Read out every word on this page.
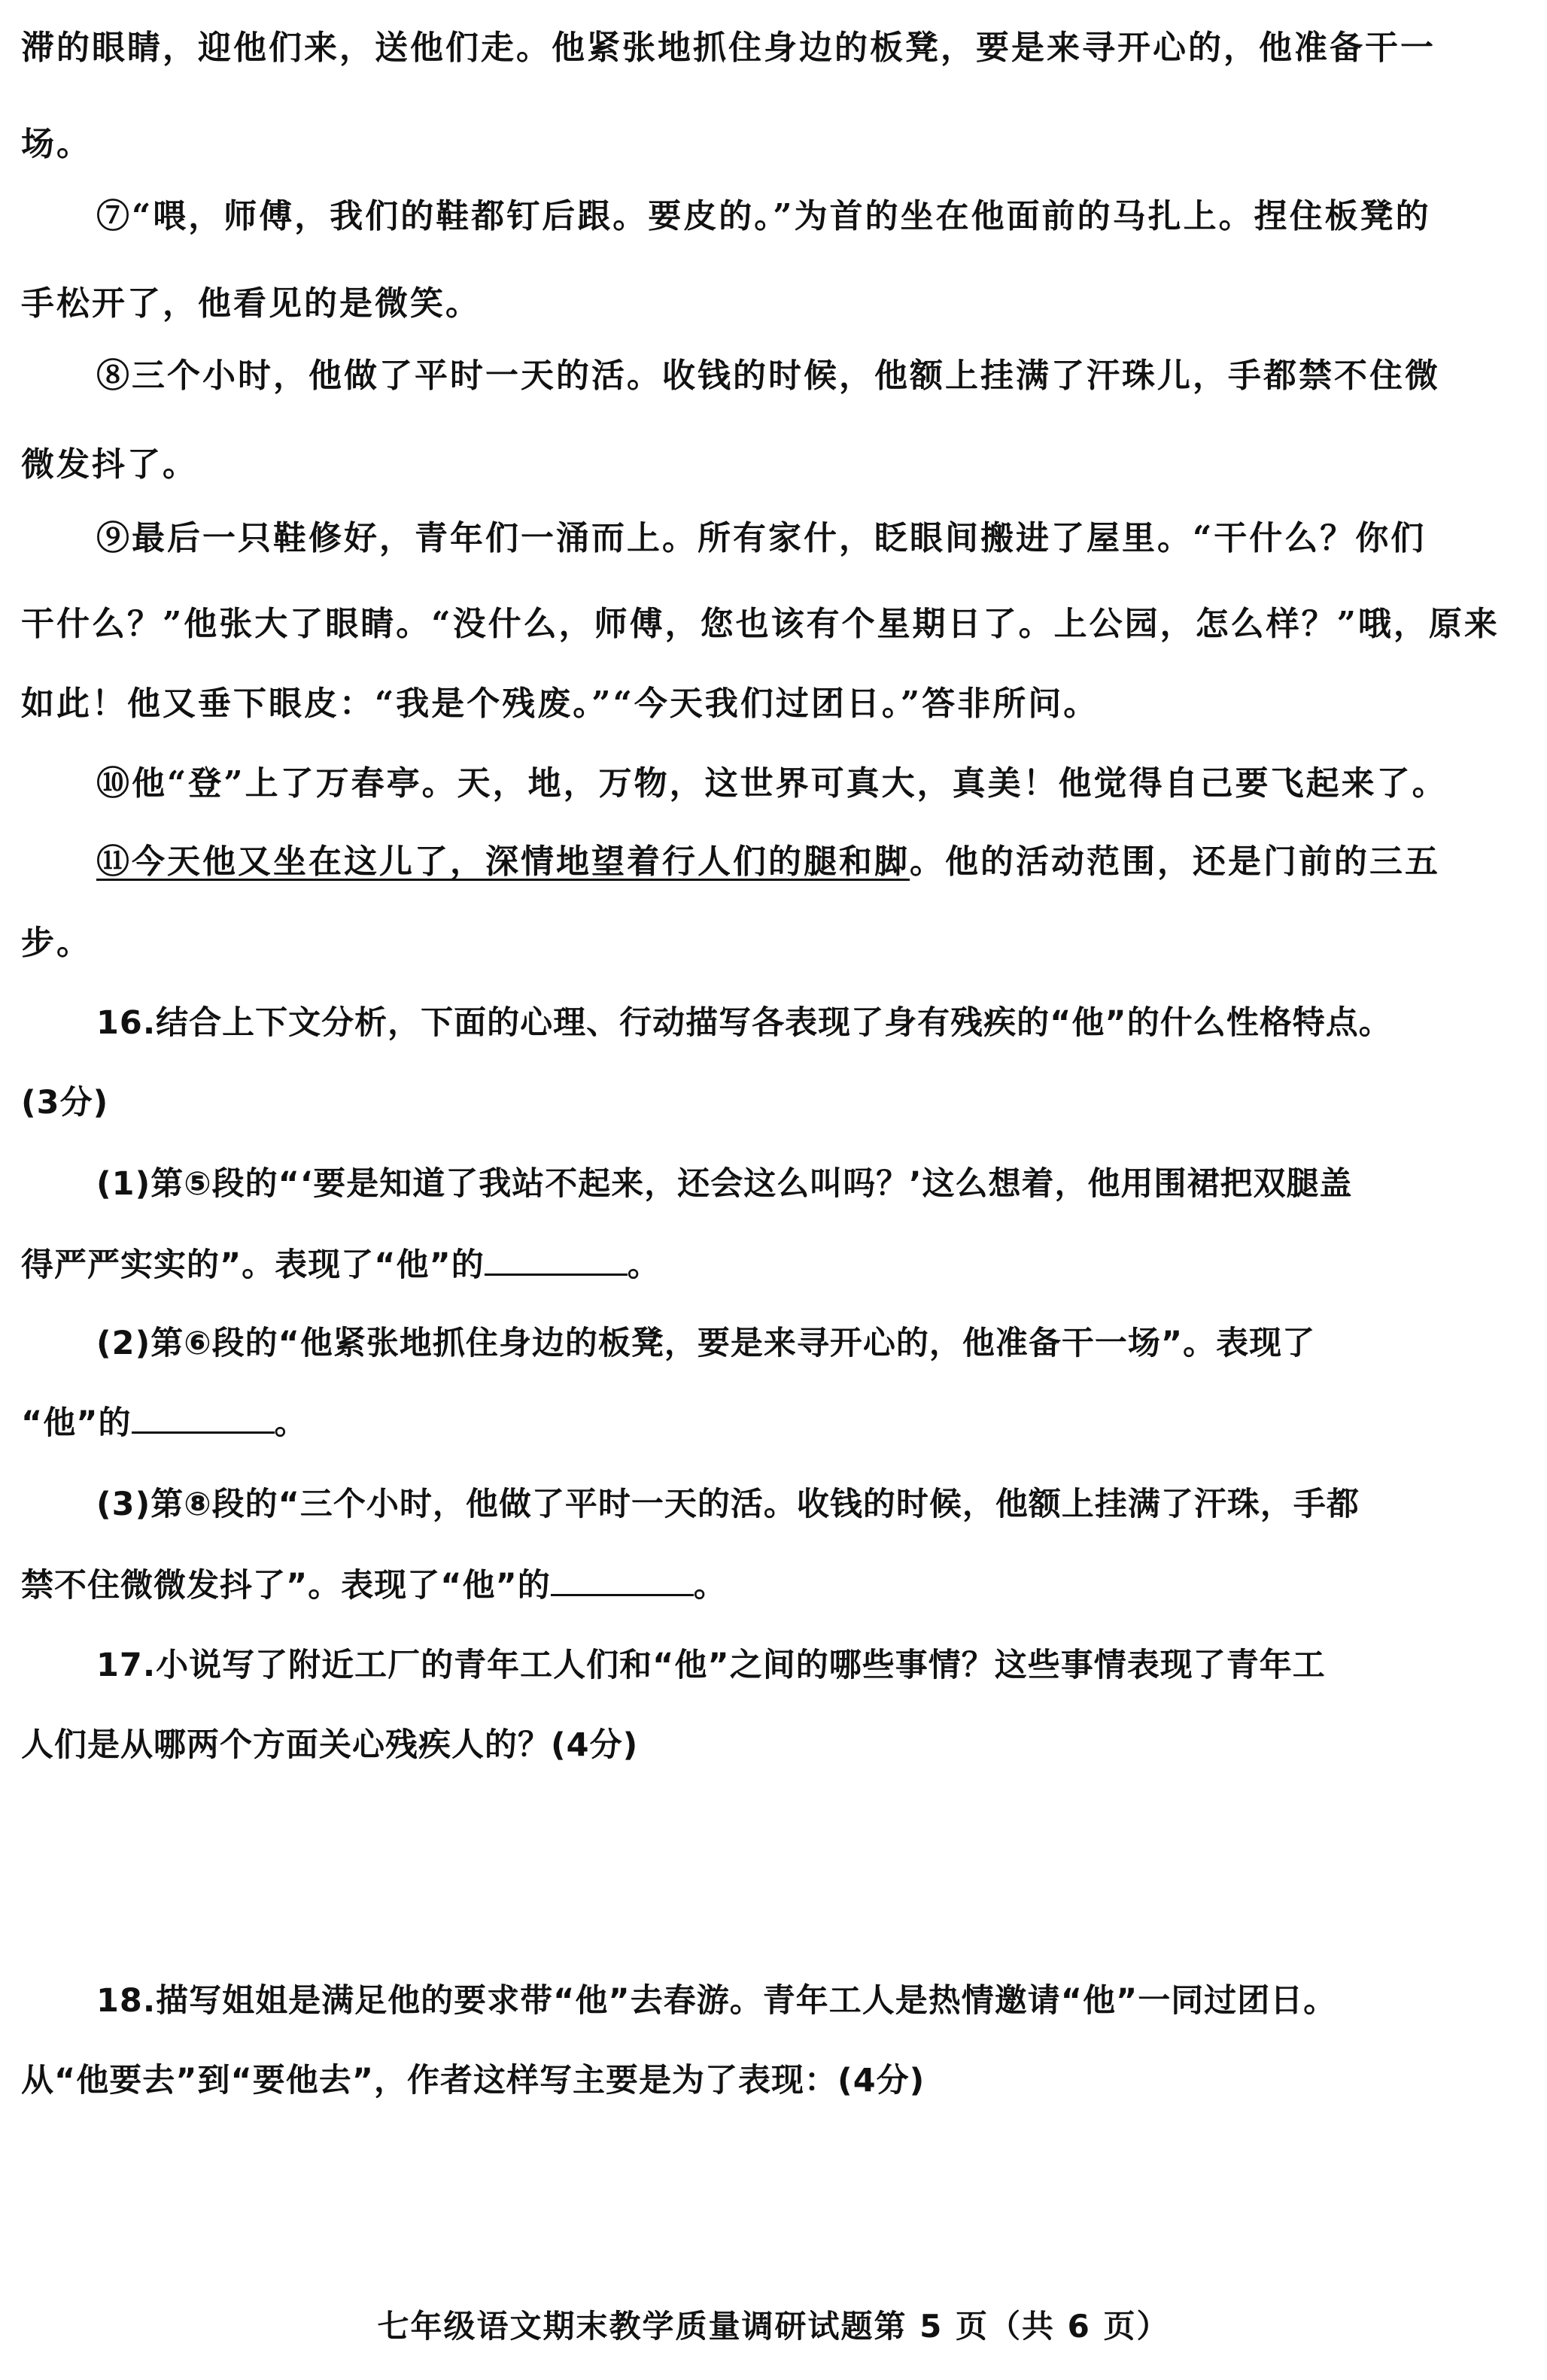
滞的眼睛，迎他们来，送他们走。他紧张地抓住身边的板凳，要是来寻开心的，他准备干一
场。
⑦“喂，师傅，我们的鞋都钉后跟。要皮的。”为首的坐在他面前的马扎上。捏住板凳的
手松开了，他看见的是微笑。
⑧三个小时，他做了平时一天的活。收钱的时候，他额上挂满了汗珠儿，手都禁不住微
微发抖了。
⑨最后一只鞋修好，青年们一涌而上。所有家什，眨眼间搬进了屋里。“干什么？你们
干什么？”他张大了眼睛。“没什么，师傅，您也该有个星期日了。上公园，怎么样？”哦，原来
如此！他又垂下眼皮：“我是个残废。”“今天我们过团日。”答非所问。
⑩他“登”上了万春亭。天，地，万物，这世界可真大，真美！他觉得自己要飞起来了。
⑪今天他又坐在这儿了，深情地望着行人们的腿和脚。他的活动范围，还是门前的三五
步。
16.结合上下文分析，下面的心理、行动描写各表现了身有残疾的“他”的什么性格特点。
(3分)
(1)第⑤段的“‘要是知道了我站不起来，还会这么叫吗？’这么想着，他用围裙把双腿盖
得严严实实的”。表现了“他”的	。
(2)第⑥段的“他紧张地抓住身边的板凳，要是来寻开心的，他准备干一场”。表现了
“他”的	。
(3)第⑧段的“三个小时，他做了平时一天的活。收钱的时候，他额上挂满了汗珠，手都
禁不住微微发抖了”。表现了“他”的	。
17.小说写了附近工厂的青年工人们和“他”之间的哪些事情？这些事情表现了青年工
人们是从哪两个方面关心残疾人的？(4分)
18.描写姐姐是满足他的要求带“他”去春游。青年工人是热情邀请“他”一同过团日。
从“他要去”到“要他去”，作者这样写主要是为了表现：(4分)
七年级语文期末教学质量调研试题第 5 页（共 6 页）
